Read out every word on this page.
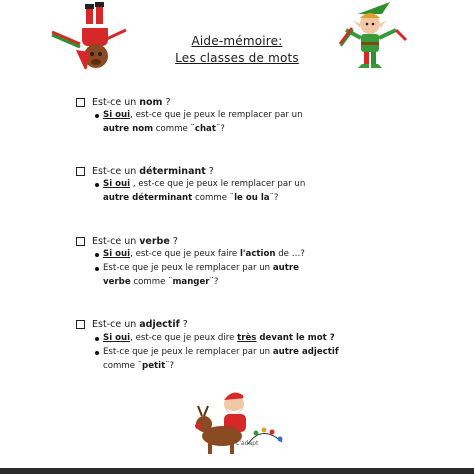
Aide-mémoire:
Les classes de mots
Est-ce un nom ?
Si oui, est-ce que je peux le remplacer par un
autre nom comme ¨chat¨?
Est-ce un déterminant ?
Si oui , est-ce que je peux le remplacer par un
autre déterminant comme ¨le ou la¨?
Est-ce un verbe ?
Si oui, est-ce que je peux faire l'action de …?
Est-ce que je peux le remplacer par un autre
verbe comme ¨manger¨?
Est-ce un adjectif ?
Si oui, est-ce que je peux dire très devant le mot ?
Est-ce que je peux le remplacer par un autre adjectif
comme ¨petit¨?
L'adapt
